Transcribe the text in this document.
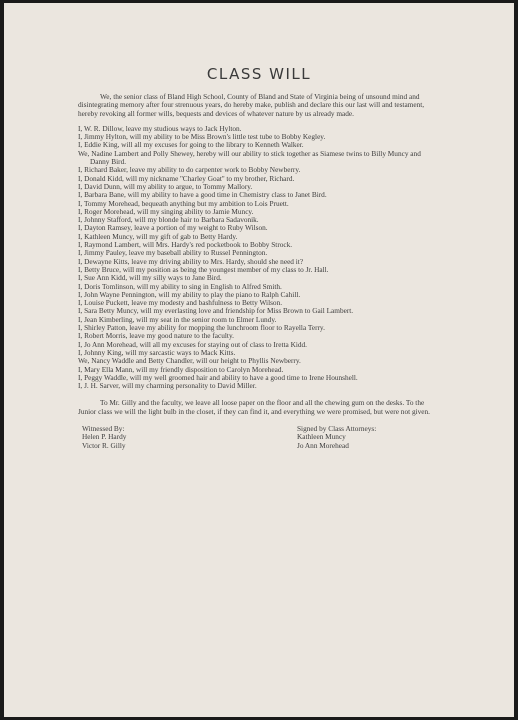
CLASS WILL

We, the senior class of Bland High School, County of Bland and State of Virginia being of unsound mind and disintegrating memory after four strenuous years, do hereby make, publish and declare this our last will and testament, hereby revoking all former wills, bequests and devices of whatever nature by us already made.

I, W. R. Dillow, leave my studious ways to Jack Hylton.
I, Jimmy Hylton, will my ability to be Miss Brown's little test tube to Bobby Kegley.
I, Eddie King, will all my excuses for going to the library to Kenneth Walker.
We, Nadine Lambert and Polly Shewey, hereby will our ability to stick together as Siamese twins to Billy Muncy and Danny Bird.
I, Richard Baker, leave my ability to do carpenter work to Bobby Newberry.
I, Donald Kidd, will my nickname ''Charley Goat'' to my brother, Richard.
I, David Dunn, will my ability to argue, to Tommy Mallory.
I, Barbara Bane, will my ability to have a good time in Chemistry class to Janet Bird.
I, Tommy Morehead, bequeath anything but my ambition to Lois Pruett.
I, Roger Morehead, will my singing ability to Jamie Muncy.
I, Johnny Stafford, will my blonde hair to Barbara Sadavonik.
I, Dayton Ramsey, leave a portion of my weight to Ruby Wilson.
I, Kathleen Muncy, will my gift of gab to Betty Hardy.
I, Raymond Lambert, will Mrs. Hardy's red pocketbook to Bobby Strock.
I, Jimmy Pauley, leave my baseball ability to Russel Pennington.
I, Dewayne Kitts, leave my driving ability to Mrs. Hardy, should she need it?
I, Betty Bruce, will my position as being the youngest member of my class to Jr. Hall.
I, Sue Ann Kidd, will my silly ways to Jane Bird.
I, Doris Tomlinson, will my ability to sing in English to Alfred Smith.
I, John Wayne Pennington, will my ability to play the piano to Ralph Cahill.
I, Louise Puckett, leave my modesty and bashfulness to Betty Wilson.
I, Sara Betty Muncy, will my everlasting love and friendship for Miss Brown to Gail Lambert.
I, Jean Kimberling, will my seat in the senior room to Elmer Lundy.
I, Shirley Patton, leave my ability for mopping the lunchroom floor to Rayella Terry.
I, Robert Morris, leave my good nature to the faculty.
I, Jo Ann Morehead, will all my excuses for staying out of class to Iretta Kidd.
I, Johnny King, will my sarcastic ways to Mack Kitts.
We, Nancy Waddle and Betty Chandler, will our height to Phyllis Newberry.
I, Mary Ella Mann, will my friendly disposition to Carolyn Morehead.
I, Peggy Waddle, will my well groomed hair and ability to have a good time to Irene Hounshell.
I, J. H. Sarver, will my charming personality to David Miller.

To Mr. Gilly and the faculty, we leave all loose paper on the floor and all the chewing gum on the desks. To the Junior class we will the light bulb in the closet, if they can find it, and everything we were promised, but were not given.

Witnessed By:
Helen P. Hardy
Victor R. Gilly
Signed by Class Attorneys:
Kathleen Muncy
Jo Ann Morehead
